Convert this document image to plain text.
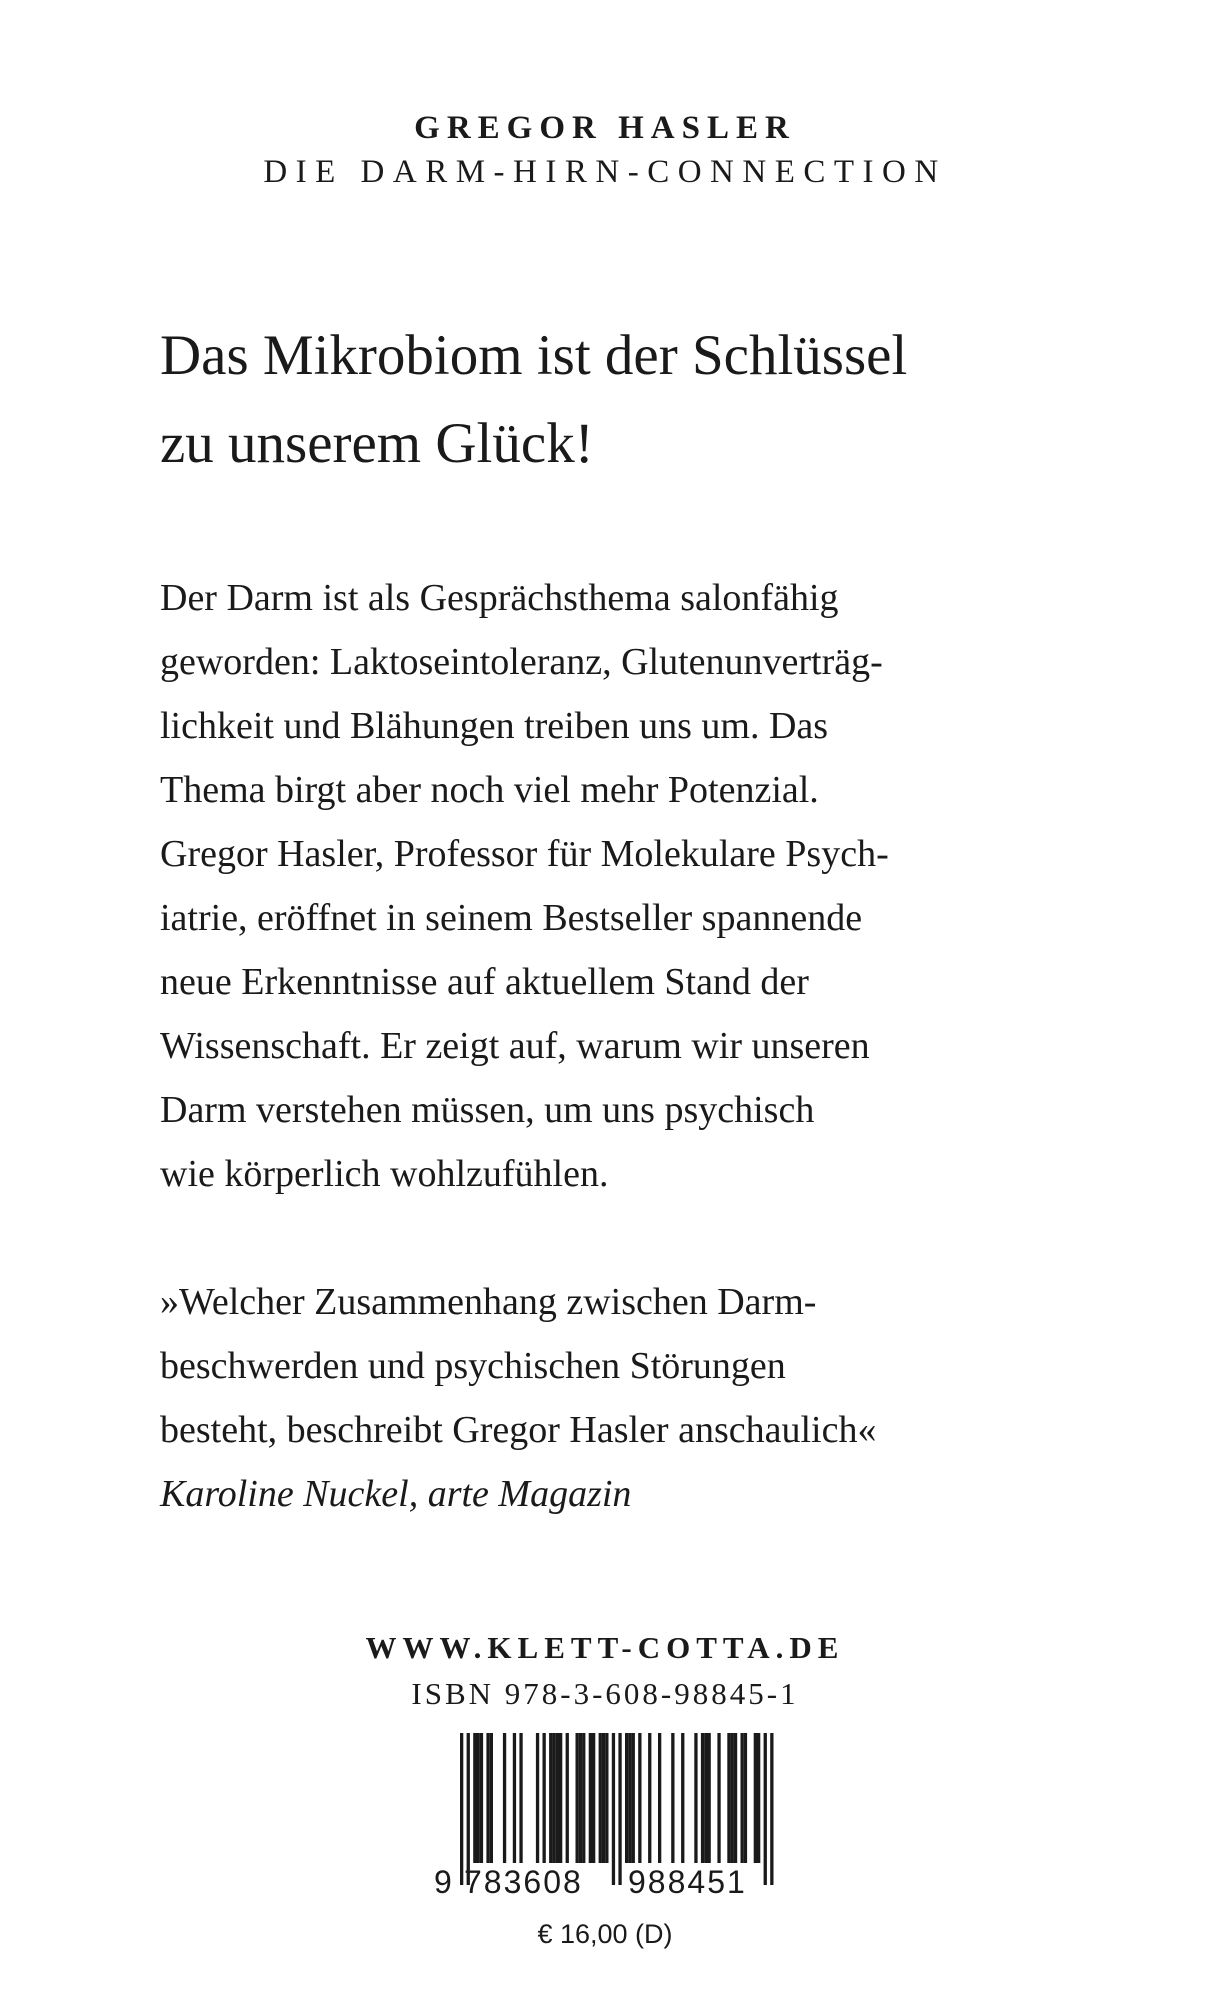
GREGOR HASLER
DIE DARM-HIRN-CONNECTION
Das Mikrobiom ist der Schlüssel
zu unserem Glück!
Der Darm ist als Gesprächsthema salonfähig
geworden: Laktoseintoleranz, Glutenunverträg-
lichkeit und Blähungen treiben uns um. Das
Thema birgt aber noch viel mehr Potenzial.
Gregor Hasler, Professor für Molekulare Psych-
iatrie, eröffnet in seinem Bestseller spannende
neue Erkenntnisse auf aktuellem Stand der
Wissenschaft. Er zeigt auf, warum wir unseren
Darm verstehen müssen, um uns psychisch
wie körperlich wohlzufühlen.
»Welcher Zusammenhang zwischen Darm-
beschwerden und psychischen Störungen
besteht, beschreibt Gregor Hasler anschaulich«
Karoline Nuckel, arte Magazin
WWW.KLETT-COTTA.DE
ISBN 978-3-608-98845-1
9 783608 988451
€ 16,00 (D)
